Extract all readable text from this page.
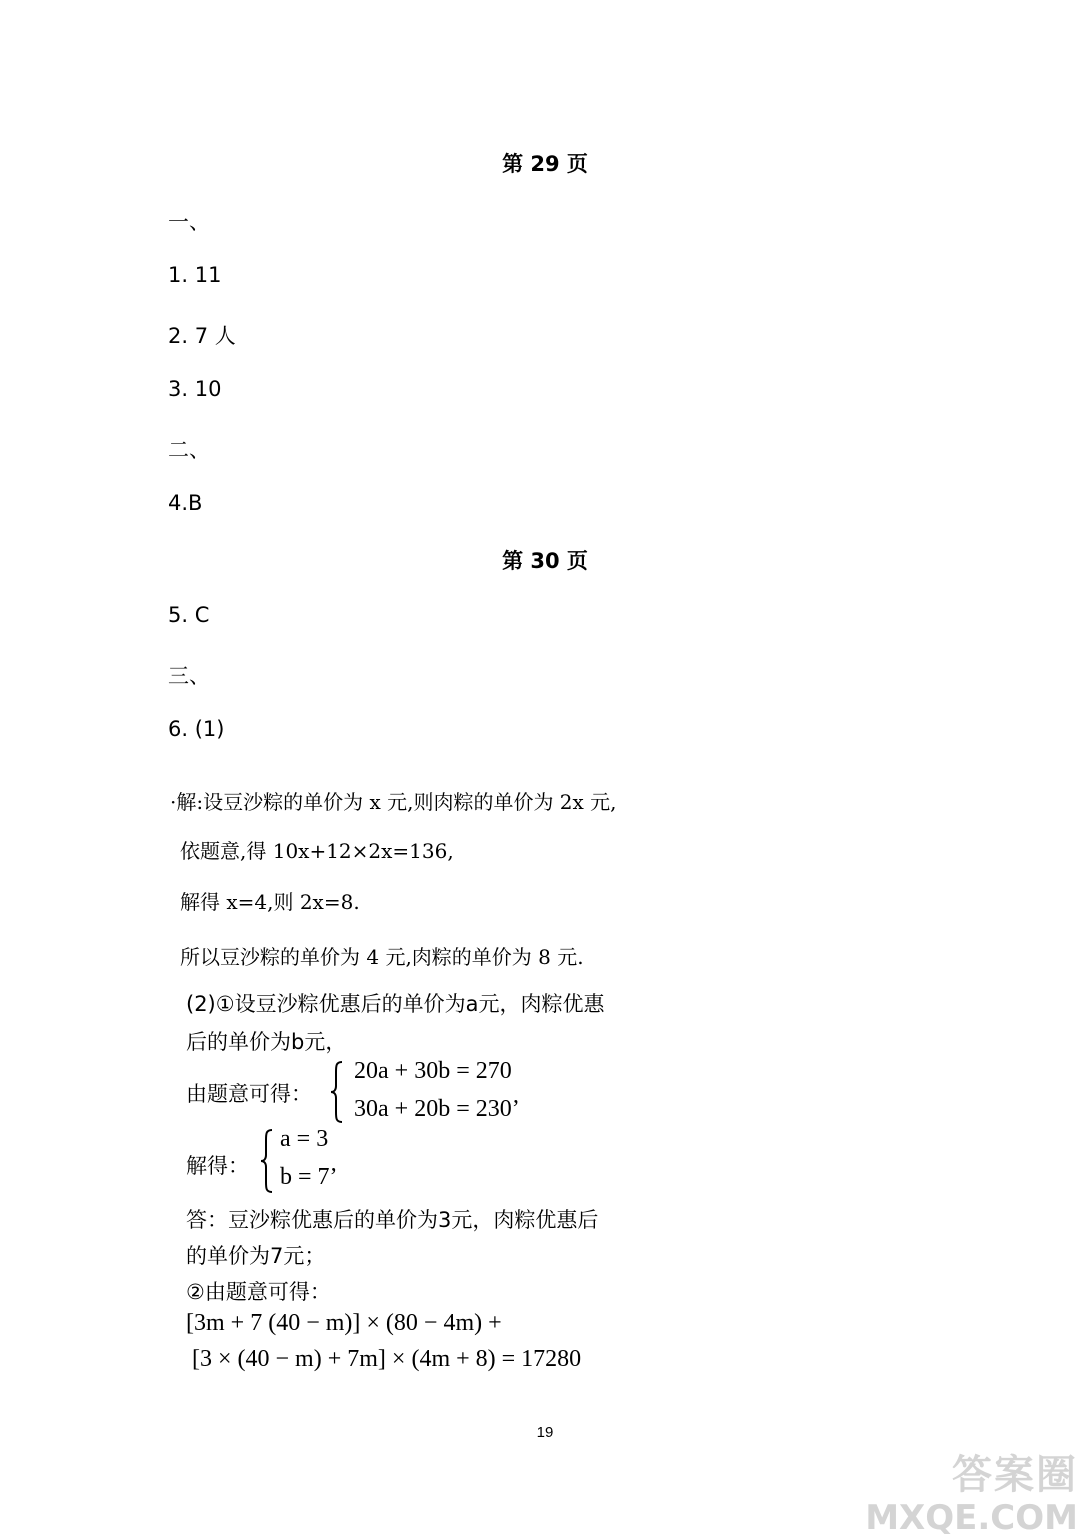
第 29 页
一、
1. 11
2. 7 人
3. 10
二、
4.B
第 30 页
5. C
三、
6. (1)
·解:设豆沙粽的单价为 x 元,则肉粽的单价为 2x 元,
依题意,得 10x+12×2x=136,
解得 x=4,则 2x=8.
所以豆沙粽的单价为 4 元,肉粽的单价为 8 元.
(2)①设豆沙粽优惠后的单价为a元，肉粽优惠
后的单价为b元，
由题意可得：
20a + 30b = 270
30a + 20b = 230’
解得：
a = 3
b = 7’
答：豆沙粽优惠后的单价为3元，肉粽优惠后
的单价为7元；
②由题意可得：
[3m + 7 (40 − m)] × (80 − 4m) +
[3 × (40 − m) + 7m] × (4m + 8) = 17280
19
答案圈
MXQE.COM
